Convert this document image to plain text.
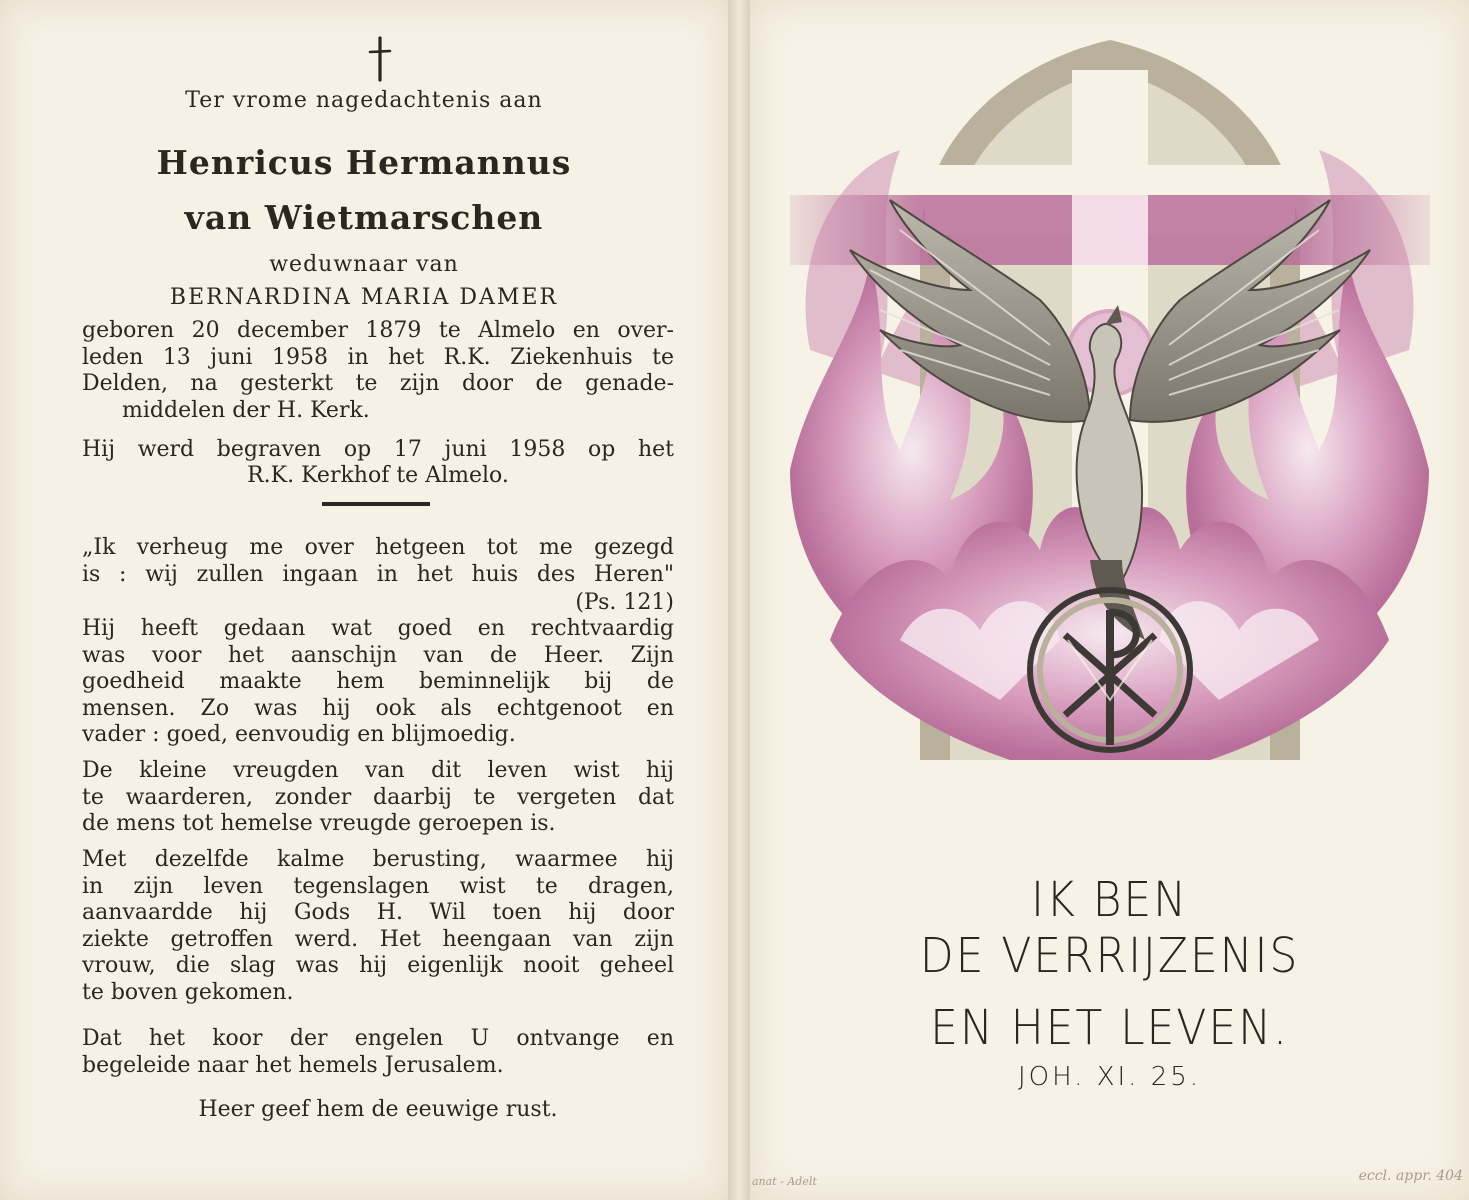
Ter vrome nagedachtenis aan
Henricus Hermannus
van Wietmarschen
weduwnaar van
BERNARDINA MARIA DAMER
geboren 20 december 1879 te Almelo en over-
leden 13 juni 1958 in het R.K. Ziekenhuis te
Delden, na gesterkt te zijn door de genade-
middelen der H. Kerk.
Hij werd begraven op 17 juni 1958 op het
R.K. Kerkhof te Almelo.
„Ik verheug me over hetgeen tot me gezegd
is : wij zullen ingaan in het huis des Heren"
(Ps. 121)
Hij heeft gedaan wat goed en rechtvaardig
was voor het aanschijn van de Heer. Zijn
goedheid maakte hem beminnelijk bij de
mensen. Zo was hij ook als echtgenoot en
vader : goed, eenvoudig en blijmoedig.
De kleine vreugden van dit leven wist hij
te waarderen, zonder daarbij te vergeten dat
de mens tot hemelse vreugde geroepen is.
Met dezelfde kalme berusting, waarmee hij
in zijn leven tegenslagen wist te dragen,
aanvaardde hij Gods H. Wil toen hij door
ziekte getroffen werd. Het heengaan van zijn
vrouw, die slag was hij eigenlijk nooit geheel
te boven gekomen.
Dat het koor der engelen U ontvange en
begeleide naar het hemels Jerusalem.
Heer geef hem de eeuwige rust.
IK BEN
DE VERRIJZENIS
EN HET LEVEN.
JOH. XI. 25.
anat - Adelt	eccl. appr. 404
